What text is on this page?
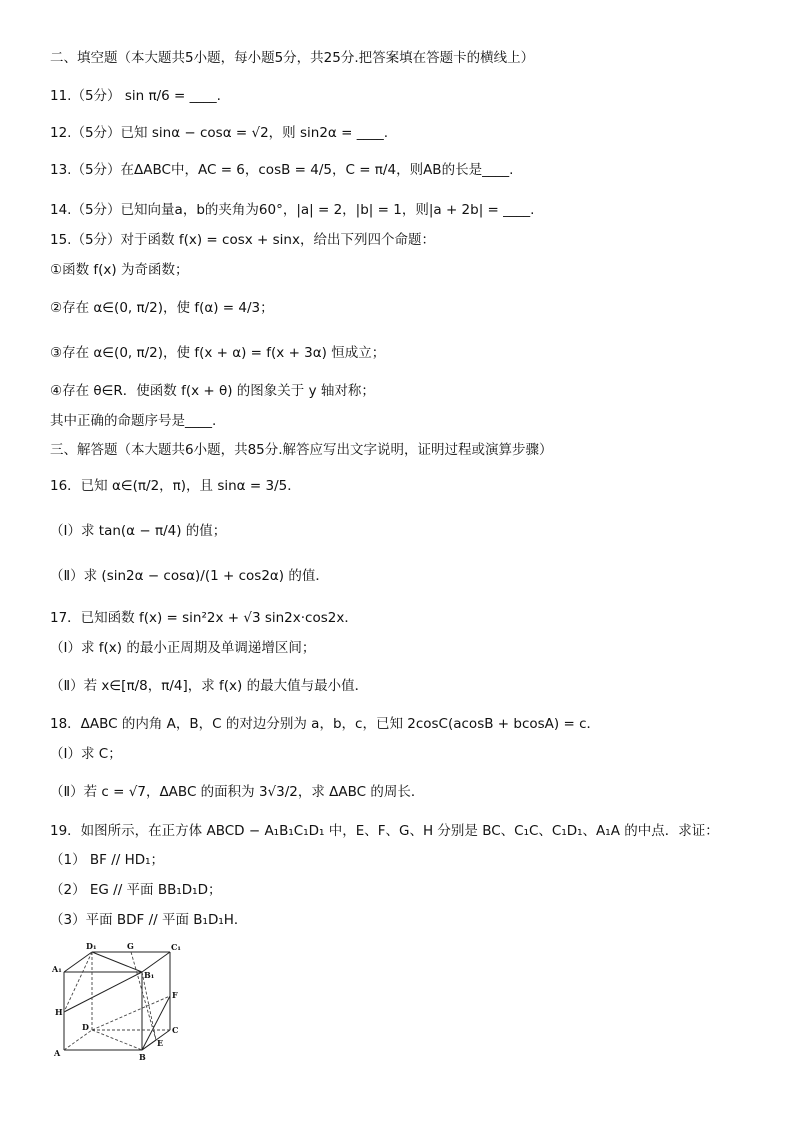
二、填空题（本大题共5小题，每小题5分，共25分.把答案填在答题卡的横线上）
11.（5分） sin π/6 = ____.
12.（5分）已知 sinα − cosα = √2，则 sin2α = ____.
13.（5分）在ΔABC中，AC = 6，cosB = 4/5，C = π/4，则AB的长是____.
14.（5分）已知向量a，b的夹角为60°，|a| = 2，|b| = 1，则|a + 2b| = ____.
15.（5分）对于函数 f(x) = cosx + sinx，给出下列四个命题：
①函数 f(x) 为奇函数；
②存在 α∈(0, π/2)，使 f(α) = 4/3；
③存在 α∈(0, π/2)，使 f(x + α) = f(x + 3α) 恒成立；
④存在 θ∈R．使函数 f(x + θ) 的图象关于 y 轴对称；
其中正确的命题序号是____.
三、解答题（本大题共6小题，共85分.解答应写出文字说明，证明过程或演算步骤）
16．已知 α∈(π/2，π)，且 sinα = 3/5．
（Ⅰ）求 tan(α − π/4) 的值；
（Ⅱ）求 (sin2α − cosα)/(1 + cos2α) 的值．
17．已知函数 f(x) = sin²2x + √3 sin2x·cos2x．
（Ⅰ）求 f(x) 的最小正周期及单调递增区间；
（Ⅱ）若 x∈[π/8，π/4]，求 f(x) 的最大值与最小值．
18．ΔABC 的内角 A，B，C 的对边分别为 a，b，c，已知 2cosC(acosB + bcosA) = c．
（Ⅰ）求 C；
（Ⅱ）若 c = √7，ΔABC 的面积为 3√3/2，求 ΔABC 的周长．
19．如图所示，在正方体 ABCD − A₁B₁C₁D₁ 中，E、F、G、H 分别是 BC、C₁C、C₁D₁、A₁A 的中点．求证：
（1） BF // HD₁；
（2） EG // 平面 BB₁D₁D；
（3）平面 BDF // 平面 B₁D₁H．
D₁	G	C₁
A₁
B₁
F
H
D	C
E
A	B
